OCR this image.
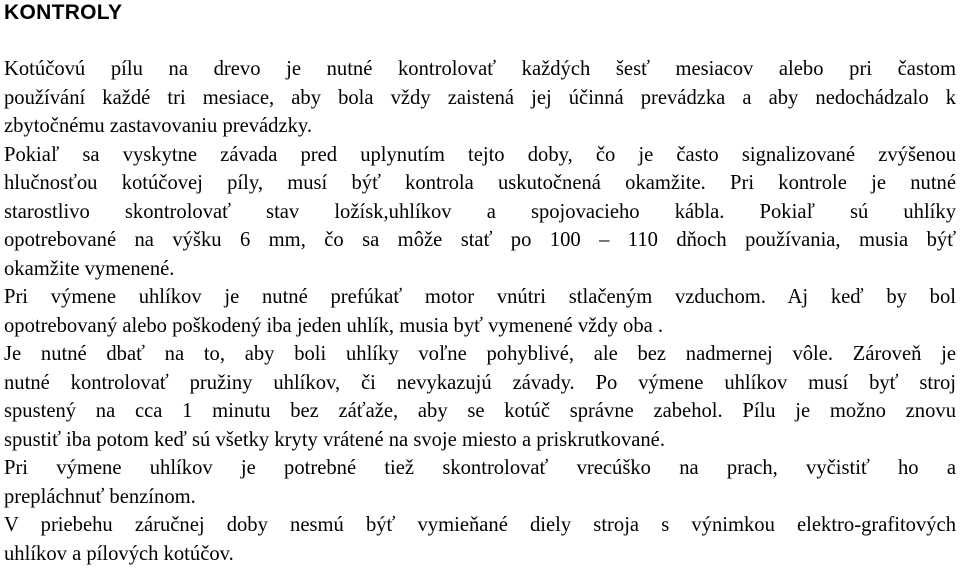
KONTROLY

Kotúčovú pílu na drevo je nutné kontrolovať každých šesť mesiacov alebo pri častom
používání každé tri mesiace, aby bola vždy zaistená jej účinná prevádzka a aby nedochádzalo k
zbytočnému zastavovaniu prevádzky.

Pokiaľ sa vyskytne závada pred uplynutím tejto doby, čo je často signalizované zvýšenou
hlučnosťou kotúčovej píly, musí býť kontrola uskutočnená okamžite. Pri kontrole je nutné
starostlivo skontrolovať stav ložísk,uhlíkov a spojovacieho kábla. Pokiaľ sú uhlíky
opotrebované na výšku 6 mm, čo sa môže stať po 100 – 110 dňoch používania, musia býť
okamžite vymenené.

Pri výmene uhlíkov je nutné prefúkať motor vnútri stlačeným vzduchom. Aj keď by bol
opotrebovaný alebo poškodený iba jeden uhlík, musia byť vymenené vždy oba .

Je nutné dbať na to, aby boli uhlíky voľne pohyblivé, ale bez nadmernej vôle. Zároveň je
nutné kontrolovať pružiny uhlíkov, či nevykazujú závady. Po výmene uhlíkov musí byť stroj
spustený na cca 1 minutu bez záťaže, aby se kotúč správne zabehol. Pílu je možno znovu
spustiť iba potom keď sú všetky kryty vrátené na svoje miesto a priskrutkované.

Pri výmene uhlíkov je potrebné tiež skontrolovať vrecúško na prach, vyčistiť ho a
prepláchnuť benzínom.

V priebehu záručnej doby nesmú býť vymieňané diely stroja s výnimkou elektro-grafitových
uhlíkov a pílových kotúčov.
